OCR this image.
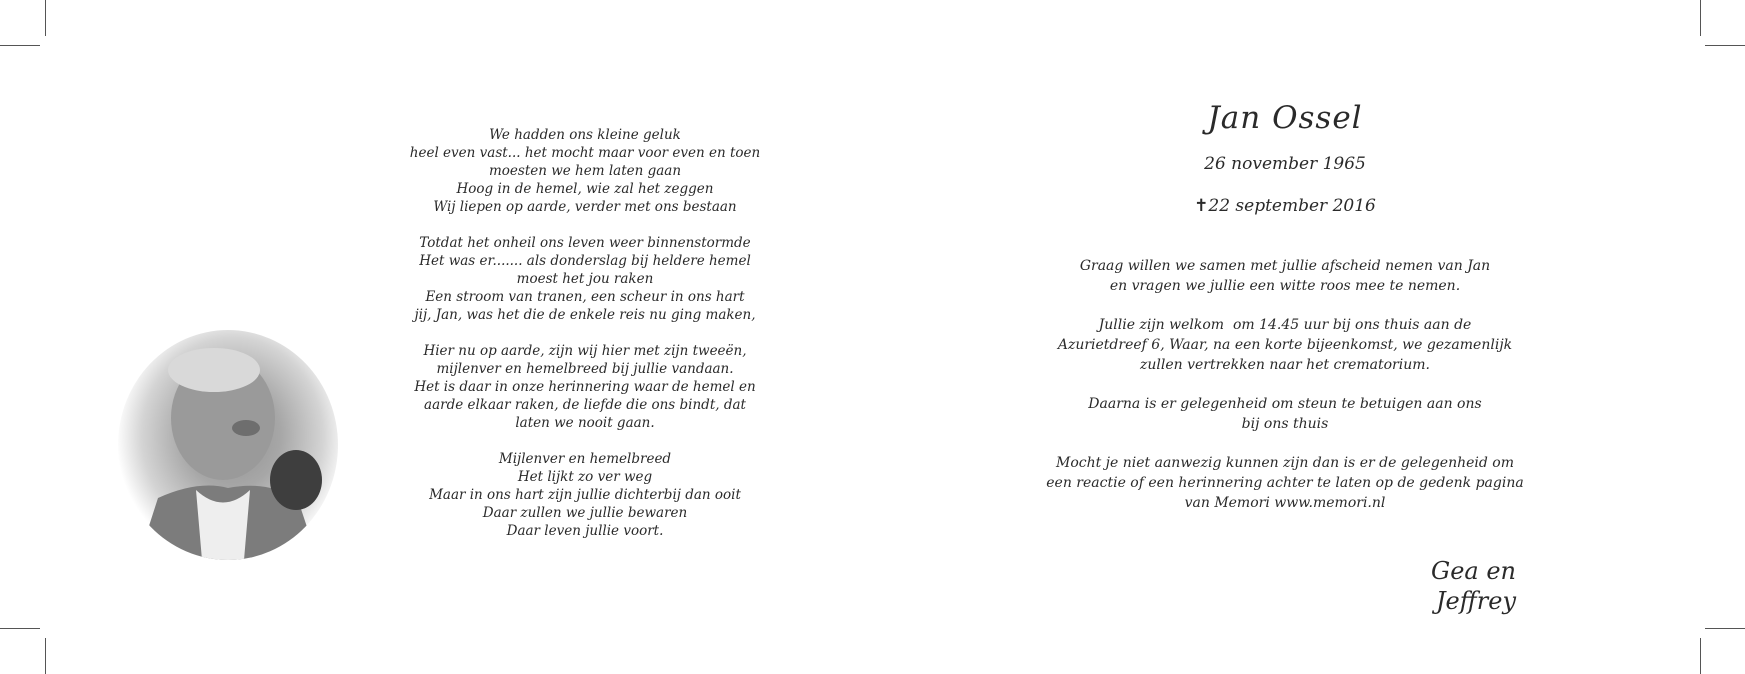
We hadden ons kleine geluk
heel even vast... het mocht maar voor even en toen
moesten we hem laten gaan
Hoog in de hemel, wie zal het zeggen
Wij liepen op aarde, verder met ons bestaan
Totdat het onheil ons leven weer binnenstormde
Het was er....... als donderslag bij heldere hemel
moest het jou raken
Een stroom van tranen, een scheur in ons hart
jij, Jan, was het die de enkele reis nu ging maken,
Hier nu op aarde, zijn wij hier met zijn tweeën,
mijlenver en hemelbreed bij jullie vandaan.
Het is daar in onze herinnering waar de hemel en
aarde elkaar raken, de liefde die ons bindt, dat
laten we nooit gaan.
Mijlenver en hemelbreed
Het lijkt zo ver weg
Maar in ons hart zijn jullie dichterbij dan ooit
Daar zullen we jullie bewaren
Daar leven jullie voort.
Jan Ossel
26 november 1965
✝22 september 2016
Graag willen we samen met jullie afscheid nemen van Jan
en vragen we jullie een witte roos mee te nemen.
Jullie zijn welkom  om 14.45 uur bij ons thuis aan de
Azurietdreef 6, Waar, na een korte bijeenkomst, we gezamenlijk
zullen vertrekken naar het crematorium.
Daarna is er gelegenheid om steun te betuigen aan ons
bij ons thuis
Mocht je niet aanwezig kunnen zijn dan is er de gelegenheid om
een reactie of een herinnering achter te laten op de gedenk pagina
van Memori www.memori.nl
Gea en Jeffrey
